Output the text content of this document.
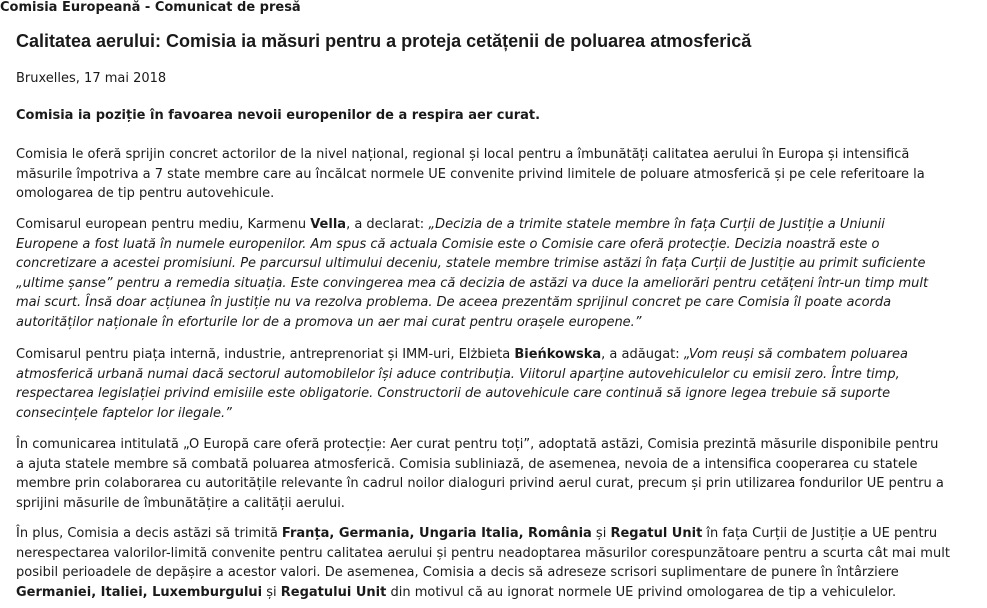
Comisia Europeană - Comunicat de presă
Calitatea aerului: Comisia ia măsuri pentru a proteja cetățenii de poluarea atmosferică
Bruxelles, 17 mai 2018
Comisia ia poziție în favoarea nevoii europenilor de a respira aer curat.

Comisia le oferă sprijin concret actorilor de la nivel național, regional și local pentru a îmbunătăți calitatea aerului în Europa și intensifică
măsurile împotriva a 7 state membre care au încălcat normele UE convenite privind limitele de poluare atmosferică și pe cele referitoare la
omologarea de tip pentru autovehicule.

Comisarul european pentru mediu, Karmenu Vella, a declarat: „Decizia de a trimite statele membre în fața Curții de Justiție a Uniunii
Europene a fost luată în numele europenilor. Am spus că actuala Comisie este o Comisie care oferă protecție. Decizia noastră este o
concretizare a acestei promisiuni. Pe parcursul ultimului deceniu, statele membre trimise astăzi în fața Curții de Justiție au primit suficiente
„ultime șanse” pentru a remedia situația. Este convingerea mea că decizia de astăzi va duce la ameliorări pentru cetățeni într-un timp mult
mai scurt. Însă doar acțiunea în justiție nu va rezolva problema. De aceea prezentăm sprijinul concret pe care Comisia îl poate acorda
autorităților naționale în eforturile lor de a promova un aer mai curat pentru orașele europene.”

Comisarul pentru piața internă, industrie, antreprenoriat și IMM-uri, Elżbieta Bieńkowska, a adăugat: „Vom reuși să combatem poluarea
atmosferică urbană numai dacă sectorul automobilelor își aduce contribuția. Viitorul aparține autovehiculelor cu emisii zero. Între timp,
respectarea legislației privind emisiile este obligatorie. Constructorii de autovehicule care continuă să ignore legea trebuie să suporte
consecințele faptelor lor ilegale.”

În comunicarea intitulată „O Europă care oferă protecție: Aer curat pentru toți”, adoptată astăzi, Comisia prezintă măsurile disponibile pentru
a ajuta statele membre să combată poluarea atmosferică. Comisia subliniază, de asemenea, nevoia de a intensifica cooperarea cu statele
membre prin colaborarea cu autoritățile relevante în cadrul noilor dialoguri privind aerul curat, precum și prin utilizarea fondurilor UE pentru a
sprijini măsurile de îmbunătățire a calității aerului.

În plus, Comisia a decis astăzi să trimită Franța, Germania, Ungaria Italia, România și Regatul Unit în fața Curții de Justiție a UE pentru
nerespectarea valorilor-limită convenite pentru calitatea aerului și pentru neadoptarea măsurilor corespunzătoare pentru a scurta cât mai mult
posibil perioadele de depășire a acestor valori. De asemenea, Comisia a decis să adreseze scrisori suplimentare de punere în întârziere
Germaniei, Italiei, Luxemburgului și Regatului Unit din motivul că au ignorat normele UE privind omologarea de tip a vehiculelor.
